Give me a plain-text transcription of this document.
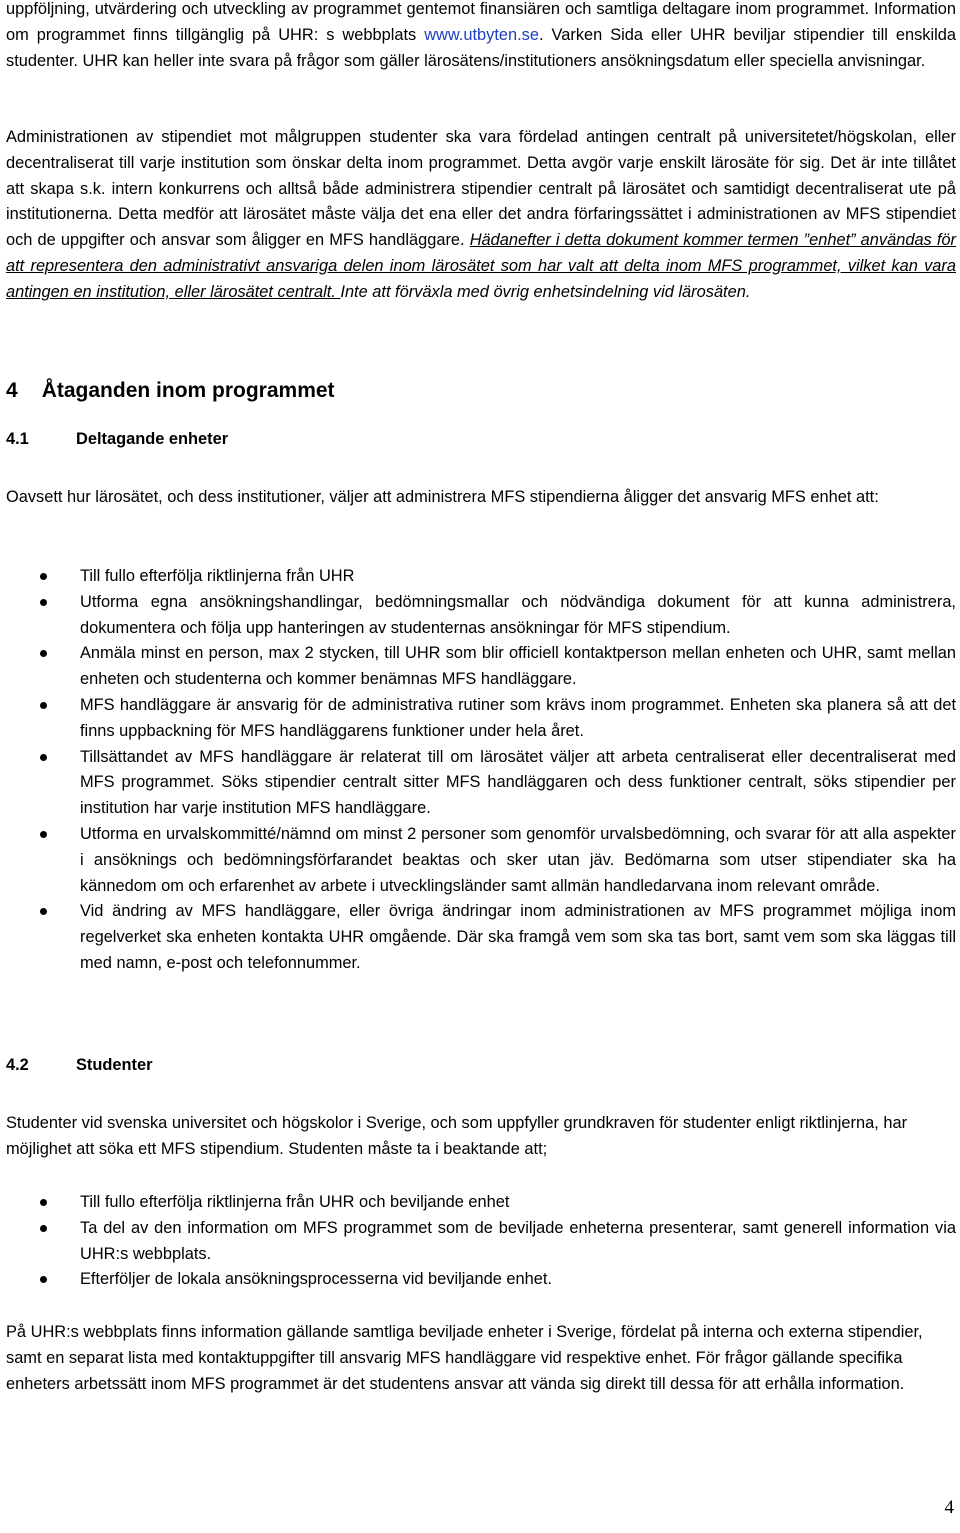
uppföljning, utvärdering och utveckling av programmet gentemot finansiären och samtliga deltagare inom programmet. Information om programmet finns tillgänglig på UHR: s webbplats www.utbyten.se. Varken Sida eller UHR beviljar stipendier till enskilda studenter. UHR kan heller inte svara på frågor som gäller lärosätens/institutioners ansökningsdatum eller speciella anvisningar.

Administrationen av stipendiet mot målgruppen studenter ska vara fördelad antingen centralt på universitetet/högskolan, eller decentraliserat till varje institution som önskar delta inom programmet. Detta avgör varje enskilt lärosäte för sig. Det är inte tillåtet att skapa s.k. intern konkurrens och alltså både administrera stipendier centralt på lärosätet och samtidigt decentraliserat ute på institutionerna. Detta medför att lärosätet måste välja det ena eller det andra förfaringssättet i administrationen av MFS stipendiet och de uppgifter och ansvar som åligger en MFS handläggare. Hädanefter i detta dokument kommer termen ”enhet” användas för att representera den administrativt ansvariga delen inom lärosätet som har valt att delta inom MFS programmet, vilket kan vara antingen en institution, eller lärosätet centralt. Inte att förväxla med övrig enhetsindelning vid lärosäten.

4 Åtaganden inom programmet
4.1	Deltagande enheter

Oavsett hur lärosätet, och dess institutioner, väljer att administrera MFS stipendierna åligger det ansvarig MFS enhet att:

Till fullo efterfölja riktlinjerna från UHR
Utforma egna ansökningshandlingar, bedömningsmallar och nödvändiga dokument för att kunna administrera, dokumentera och följa upp hanteringen av studenternas ansökningar för MFS stipendium.
Anmäla minst en person, max 2 stycken, till UHR som blir officiell kontaktperson mellan enheten och UHR, samt mellan enheten och studenterna och kommer benämnas MFS handläggare.
MFS handläggare är ansvarig för de administrativa rutiner som krävs inom programmet. Enheten ska planera så att det finns uppbackning för MFS handläggarens funktioner under hela året.
Tillsättandet av MFS handläggare är relaterat till om lärosätet väljer att arbeta centraliserat eller decentraliserat med MFS programmet. Söks stipendier centralt sitter MFS handläggaren och dess funktioner centralt, söks stipendier per institution har varje institution MFS handläggare.
Utforma en urvalskommitté/nämnd om minst 2 personer som genomför urvalsbedömning, och svarar för att alla aspekter i ansöknings och bedömningsförfarandet beaktas och sker utan jäv. Bedömarna som utser stipendiater ska ha kännedom om och erfarenhet av arbete i utvecklingsländer samt allmän handledarvana inom relevant område.
Vid ändring av MFS handläggare, eller övriga ändringar inom administrationen av MFS programmet möjliga inom regelverket ska enheten kontakta UHR omgående. Där ska framgå vem som ska tas bort, samt vem som ska läggas till med namn, e-post och telefonnummer.
4.2	Studenter

Studenter vid svenska universitet och högskolor i Sverige, och som uppfyller grundkraven för studenter enligt riktlinjerna, har möjlighet att söka ett MFS stipendium. Studenten måste ta i beaktande att;

Till fullo efterfölja riktlinjerna från UHR och beviljande enhet
Ta del av den information om MFS programmet som de beviljade enheterna presenterar, samt generell information via UHR:s webbplats.
Efterföljer de lokala ansökningsprocesserna vid beviljande enhet.

På UHR:s webbplats finns information gällande samtliga beviljade enheter i Sverige, fördelat på interna och externa stipendier, samt en separat lista med kontaktuppgifter till ansvarig MFS handläggare vid respektive enhet. För frågor gällande specifika enheters arbetssätt inom MFS programmet är det studentens ansvar att vända sig direkt till dessa för att erhålla information.

4
